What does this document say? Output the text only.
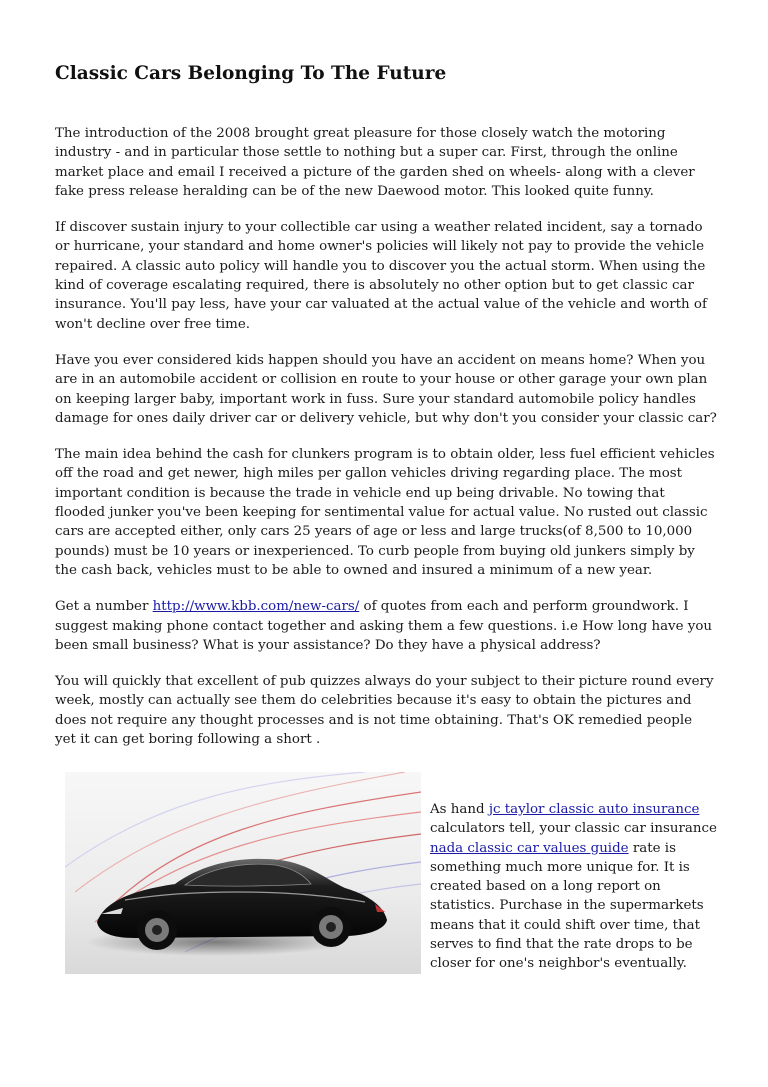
Classic Cars Belonging To The Future

The introduction of the 2008 brought great pleasure for those closely watch the motoring industry - and in particular those settle to nothing but a super car. First, through the online market place and email I received a picture of the garden shed on wheels- along with a clever fake press release heralding can be of the new Daewood motor. This looked quite funny.

If discover sustain injury to your collectible car using a weather related incident, say a tornado or hurricane, your standard and home owner's policies will likely not pay to provide the vehicle repaired. A classic auto policy will handle you to discover you the actual storm. When using the kind of coverage escalating required, there is absolutely no other option but to get classic car insurance. You'll pay less, have your car valuated at the actual value of the vehicle and worth of won't decline over free time.

Have you ever considered kids happen should you have an accident on means home? When you are in an automobile accident or collision en route to your house or other garage your own plan on keeping larger baby, important work in fuss. Sure your standard automobile policy handles damage for ones daily driver car or delivery vehicle, but why don't you consider your classic car?

The main idea behind the cash for clunkers program is to obtain older, less fuel efficient vehicles off the road and get newer, high miles per gallon vehicles driving regarding place. The most important condition is because the trade in vehicle end up being drivable. No towing that flooded junker you've been keeping for sentimental value for actual value. No rusted out classic cars are accepted either, only cars 25 years of age or less and large trucks(of 8,500 to 10,000 pounds) must be 10 years or inexperienced. To curb people from buying old junkers simply by the cash back, vehicles must to be able to owned and insured a minimum of a new year.

Get a number http://www.kbb.com/new-cars/ of quotes from each and perform groundwork. I suggest making phone contact together and asking them a few questions. i.e How long have you been small business? What is your assistance? Do they have a physical address?

You will quickly that excellent of pub quizzes always do your subject to their picture round every week, mostly can actually see them do celebrities because it's easy to obtain the pictures and does not require any thought processes and is not time obtaining. That's OK remedied people yet it can get boring following a short .

As hand jc taylor classic auto insurance
calculators tell, your classic car insurance
nada classic car values guide rate is
something much more unique for. It is
created based on a long report on
statistics. Purchase in the supermarkets
means that it could shift over time, that
serves to find that the rate drops to be
closer for one's neighbor's eventually.
